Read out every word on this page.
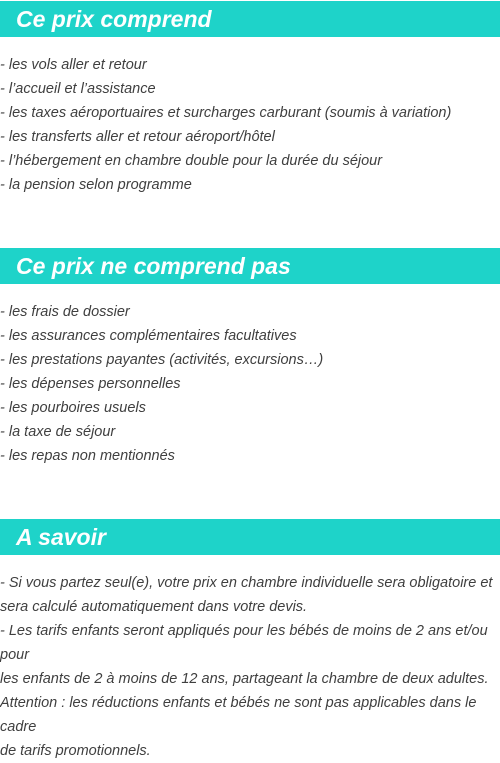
Ce prix comprend
- les vols aller et retour
- l’accueil et l’assistance
- les taxes aéroportuaires et surcharges carburant (soumis à variation)
- les transferts aller et retour aéroport/hôtel
- l’hébergement en chambre double pour la durée du séjour
- la pension selon programme
Ce prix ne comprend pas
- les frais de dossier
- les assurances complémentaires facultatives
- les prestations payantes (activités, excursions…)
- les dépenses personnelles
- les pourboires usuels
- la taxe de séjour
- les repas non mentionnés
A savoir
- Si vous partez seul(e), votre prix en chambre individuelle sera obligatoire et
sera calculé automatiquement dans votre devis.
- Les tarifs enfants seront appliqués pour les bébés de moins de 2 ans et/ou pour
les enfants de 2 à moins de 12 ans, partageant la chambre de deux adultes.
Attention : les réductions enfants et bébés ne sont pas applicables dans le cadre
de tarifs promotionnels.
